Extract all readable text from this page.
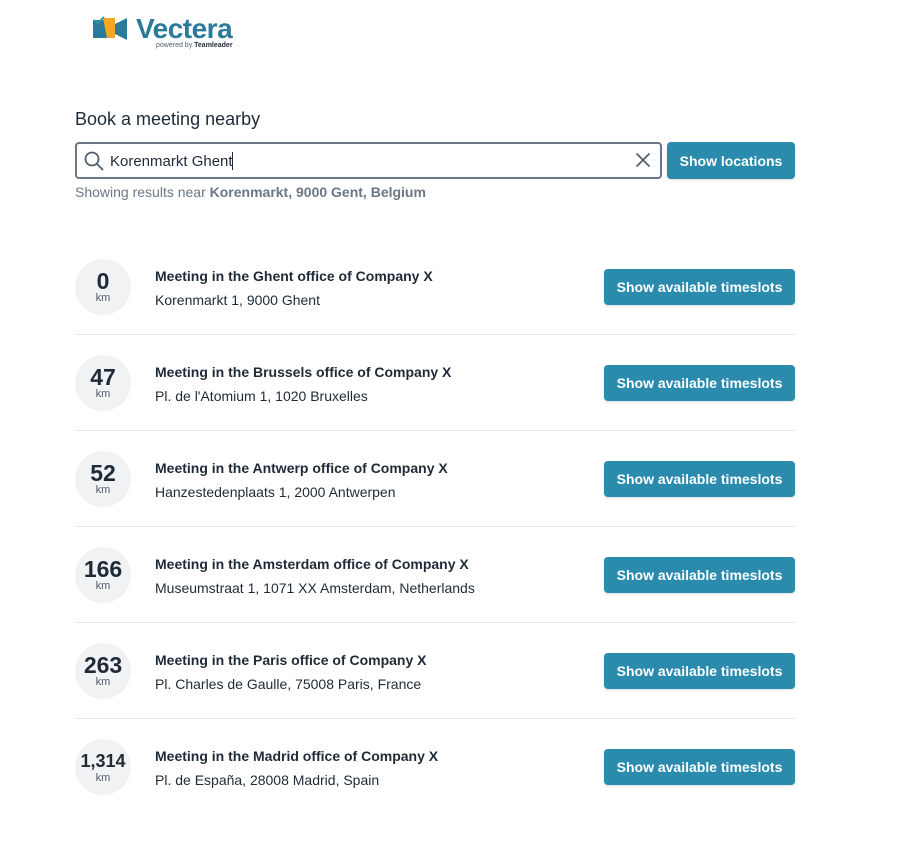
Vectera
powered by Teamleader
Book a meeting nearby
Korenmarkt Ghent
Show locations
Showing results near Korenmarkt, 9000 Gent, Belgium
0
km
Meeting in the Ghent office of Company X
Korenmarkt 1, 9000 Ghent
Show available timeslots
47
km
Meeting in the Brussels office of Company X
Pl. de l'Atomium 1, 1020 Bruxelles
Show available timeslots
52
km
Meeting in the Antwerp office of Company X
Hanzestedenplaats 1, 2000 Antwerpen
Show available timeslots
166
km
Meeting in the Amsterdam office of Company X
Museumstraat 1, 1071 XX Amsterdam, Netherlands
Show available timeslots
263
km
Meeting in the Paris office of Company X
Pl. Charles de Gaulle, 75008 Paris, France
Show available timeslots
1,314
km
Meeting in the Madrid office of Company X
Pl. de España, 28008 Madrid, Spain
Show available timeslots
